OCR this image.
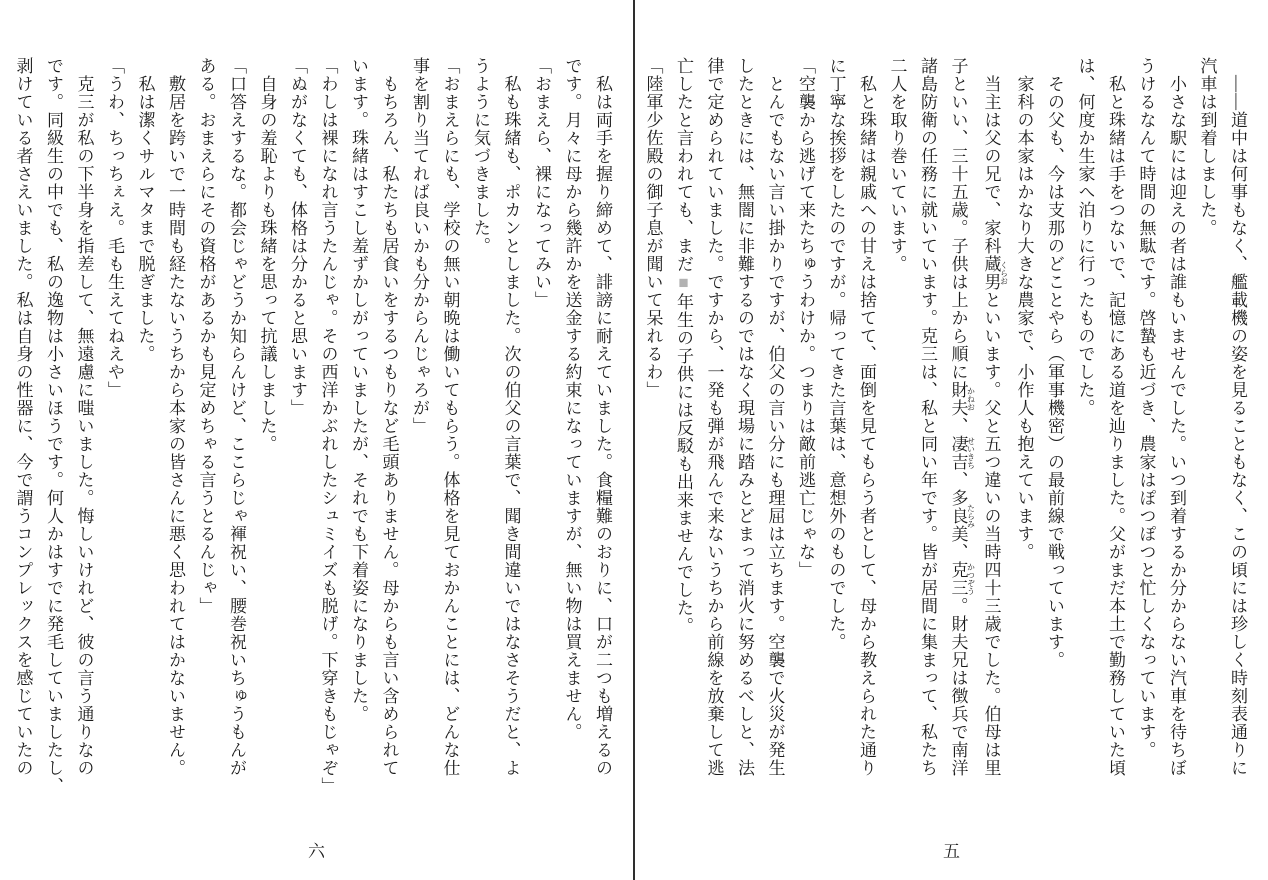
私は両手を握り締めて、誹謗に耐えていました。食糧難のおりに、口が二つも増えるの

です。月々に母から幾許かを送金する約束になっていますが、無い物は買えません。

「おまえら、裸になってみい」

私も珠緒も、ポカンとしました。次の伯父の言葉で、聞き間違いではなさそうだと、よ

うように気づきました。

「おまえらにも、学校の無い朝晩は働いてもらう。体格を見ておかんことには、どんな仕

事を割り当てれば良いかも分からんじゃろが」

もちろん、私たちも居食いをするつもりなど毛頭ありません。母からも言い含められて

います。珠緒はすこし羞ずかしがっていましたが、それでも下着姿になりました。

「わしは裸になれ言うたんじゃ。その西洋かぶれしたシュミイズも脱げ。下穿きもじゃぞ」

「ぬがなくても、体格は分かると思います」

自身の羞恥よりも珠緒を思って抗議しました。

「口答えするな。都会じゃどうか知らんけど、ここらじゃ褌祝い、腰巻祝いちゅうもんが

ある。おまえらにその資格があるかも見定めちゃる言うとるんじゃ」

敷居を跨いで一時間も経たないうちから本家の皆さんに悪く思われてはかないません。

私は潔くサルマタまで脱ぎました。

「うわ、ちっちぇえ。毛も生えてねえや」

克三が私の下半身を指差して、無遠慮に嗤いました。悔しいけれど、彼の言う通りなの

です。同級生の中でも、私の逸物は小さいほうです。何人かはすでに発毛していましたし、

剥けている者さえいました。私は自身の性器に、今で謂うコンプレックスを感じていたの

六

――道中は何事もなく、艦載機の姿を見ることもなく、この頃には珍しく時刻表通りに

汽車は到着しました。

小さな駅には迎えの者は誰もいませんでした。いつ到着するか分からない汽車を待ちぼ

うけるなんて時間の無駄です。啓蟄も近づき、農家はぽつぽつと忙しくなっています。

私と珠緒は手をつないで、記憶にある道を辿りました。父がまだ本土で勤務していた頃

は、何度か生家へ泊りに行ったものでした。

その父も、今は支那のどことやら（軍事機密）の最前線で戦っています。

家科の本家はかなり大きな農家で、小作人も抱えています。

当主は父の兄で、家科蔵男 くらおといいます。父と五つ違いの当時四十三歳でした。伯母は里

子といい、三十五歳。子供は上から順に財夫 かねお、凄吉 せいきち、多良美 たらみ、克三 かつぞう。財夫兄は徴兵で南洋

諸島防衛の任務に就いています。克三は、私と同い年です。皆が居間に集まって、私たち

二人を取り巻いています。

私と珠緒は親戚への甘えは捨てて、面倒を見てもらう者として、母から教えられた通り

に丁寧な挨拶をしたのですが。帰ってきた言葉は、意想外のものでした。

「空襲から逃げて来たちゅうわけか。つまりは敵前逃亡じゃな」

とんでもない言い掛かりですが、伯父の言い分にも理屈は立ちます。空襲で火災が発生

したときには、無闇に非難するのではなく現場に踏みとどまって消火に努めるべしと、法

律で定められていました。ですから、一発も弾が飛んで来ないうちから前線を放棄して逃

亡したと言われても、まだ■年生の子供には反駁も出来ませんでした。

「陸軍少佐殿の御子息が聞いて呆れるわ」

五
